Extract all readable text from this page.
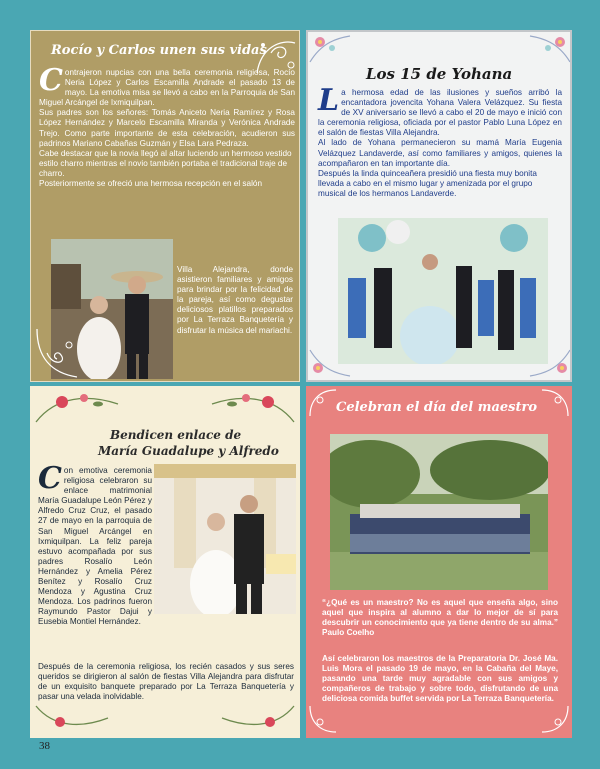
Rocío y Carlos unen sus vidas
C ontrajeron nupcias con una bella ceremonia religiosa, Rocío Neria López y Carlos Escamilla Andrade el pasado 13 de mayo. La emotiva misa se llevó a cabo en la Parroquia de San Miguel Arcángel de Ixmiquilpan.

Sus padres son los señores: Tomás Aniceto Neria Ramírez y Rosa López Hernández y Marcelo Escamilla Miranda y Verónica Andrade Trejo. Como parte importante de esta celebración, acudieron sus padrinos Mariano Cabañas Guzmán y Elsa Lara Pedraza.

Cabe destacar que la novia llegó al altar luciendo un hermoso vestido estilo charro mientras el novio también portaba el tradicional traje de charro.

Posteriormente se ofreció una hermosa recepción en el salón

Villa Alejandra, donde asistieron familiares y amigos para brindar por la felicidad de la pareja, así como degustar deliciosos platillos preparados por La Terraza Banquetería y disfrutar la música del mariachi.

Los 15 de Yohana
L a hermosa edad de las ilusiones y sueños arribó la encantadora jovencita Yohana Valera Velázquez. Su fiesta de XV aniversario se llevó a cabo el 20 de mayo e inició con la ceremonia religiosa, oficiada por el pastor Pablo Luna López en el salón de fiestas Villa Alejandra.

Al lado de Yohana permanecieron su mamá María Eugenia Velázquez Landaverde, así como familiares y amigos, quienes la acompañaron en tan importante día.

Después la linda quinceañera presidió una fiesta muy bonita llevada a cabo en el mismo lugar y amenizada por el grupo musical de los hermanos Landaverde.

Bendicen enlace de
María Guadalupe y Alfredo
C on emotiva ceremonia religiosa celebraron su enlace matrimonial María Guadalupe León Pérez y Alfredo Cruz Cruz, el pasado 27 de mayo en la parroquia de San Miguel Arcángel en Ixmiquilpan. La feliz pareja estuvo acompañada por sus padres Rosalío León Hernández y Amelia Pérez Benítez y Rosalío Cruz Mendoza y Agustina Cruz Mendoza. Los padrinos fueron Raymundo Pastor Dajui y Eusebia Montiel Hernández.

Después de la ceremonia religiosa, los recién casados y sus seres queridos se dirigieron al salón de fiestas Villa Alejandra para disfrutar de un exquisito banquete preparado por La Terraza Banquetería y pasar una velada inolvidable.

Celebran el día del maestro

“¿Qué es un maestro? No es aquel que enseña algo, sino aquel que inspira al alumno a dar lo mejor de sí para descubrir un conocimiento que ya tiene dentro de su alma.” Paulo Coelho

Así celebraron los maestros de la Preparatoria Dr. José Ma. Luis Mora el pasado 19 de mayo, en la Cabaña del Maye, pasando una tarde muy agradable con sus amigos y compañeros de trabajo y sobre todo, disfrutando de una deliciosa comida buffet servida por La Terraza Banquetería.

38
